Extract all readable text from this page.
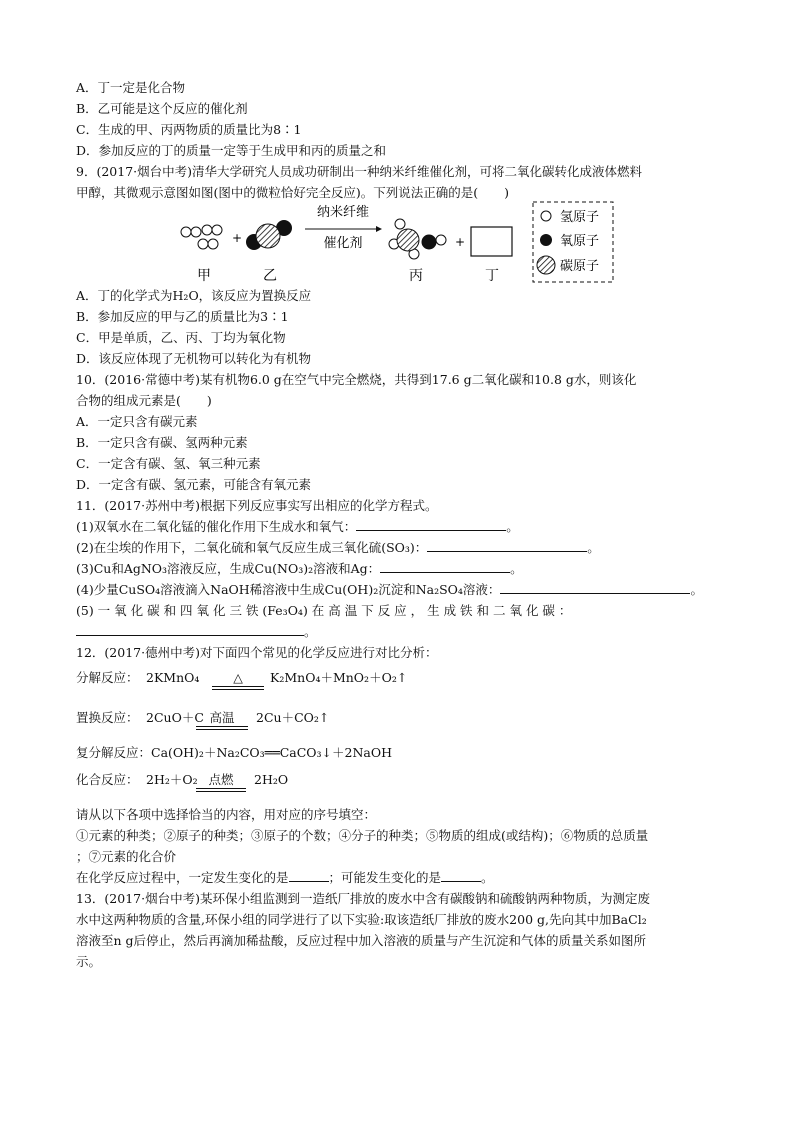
A．丁一定是化合物
B．乙可能是这个反应的催化剂
C．生成的甲、丙两物质的质量比为8∶1
D．参加反应的丁的质量一定等于生成甲和丙的质量之和
9．(2017·烟台中考)清华大学研究人员成功研制出一种纳米纤维催化剂，可将二氧化碳转化成液体燃料
甲醇，其微观示意图如图(图中的微粒恰好完全反应)。下列说法正确的是( )
+
纳米纤维
催化剂	+
甲	乙	丙	丁
氢原子
氧原子
碳原子
A．丁的化学式为H₂O，该反应为置换反应
B．参加反应的甲与乙的质量比为3∶1
C．甲是单质，乙、丙、丁均为氧化物
D．该反应体现了无机物可以转化为有机物
10．(2016·常德中考)某有机物6.0 g在空气中完全燃烧，共得到17.6 g二氧化碳和10.8 g水，则该化
合物的组成元素是( )
A．一定只含有碳元素
B．一定只含有碳、氢两种元素
C．一定含有碳、氢、氧三种元素
D．一定含有碳、氢元素，可能含有氧元素
11．(2017·苏州中考)根据下列反应事实写出相应的化学方程式。
(1)双氧水在二氧化锰的催化作用下生成水和氧气：	。
(2)在尘埃的作用下，二氧化硫和氧气反应生成三氧化硫(SO₃)：	。
(3)Cu和AgNO₃溶液反应，生成Cu(NO₃)₂溶液和Ag：	。
(4)少量CuSO₄溶液滴入NaOH稀溶液中生成Cu(OH)₂沉淀和Na₂SO₄溶液：	。
(5) 一 氧 化 碳 和 四 氧 化 三 铁 (Fe₃O₄) 在 高 温 下 反 应 ， 生 成 铁 和 二 氧 化 碳 ：
。
12．(2017·德州中考)对下面四个常见的化学反应进行对比分析：
分解反应： 2KMnO₄	△	K₂MnO₄＋MnO₂＋O₂↑
置换反应： 2CuO＋C 高温	2Cu＋CO₂↑
复分解反应：Ca(OH)₂＋Na₂CO₃══CaCO₃↓＋2NaOH
化合反应： 2H₂＋O₂ 点燃	2H₂O
请从以下各项中选择恰当的内容，用对应的序号填空：
①元素的种类；②原子的种类；③原子的个数；④分子的种类；⑤物质的组成(或结构)；⑥物质的总质量
；⑦元素的化合价
在化学反应过程中，一定发生变化的是	；可能发生变化的是	。
13．(2017·烟台中考)某环保小组监测到一造纸厂排放的废水中含有碳酸钠和硫酸钠两种物质，为测定废
水中这两种物质的含量,环保小组的同学进行了以下实验:取该造纸厂排放的废水200 g,先向其中加BaCl₂
溶液至n g后停止，然后再滴加稀盐酸，反应过程中加入溶液的质量与产生沉淀和气体的质量关系如图所
示。
